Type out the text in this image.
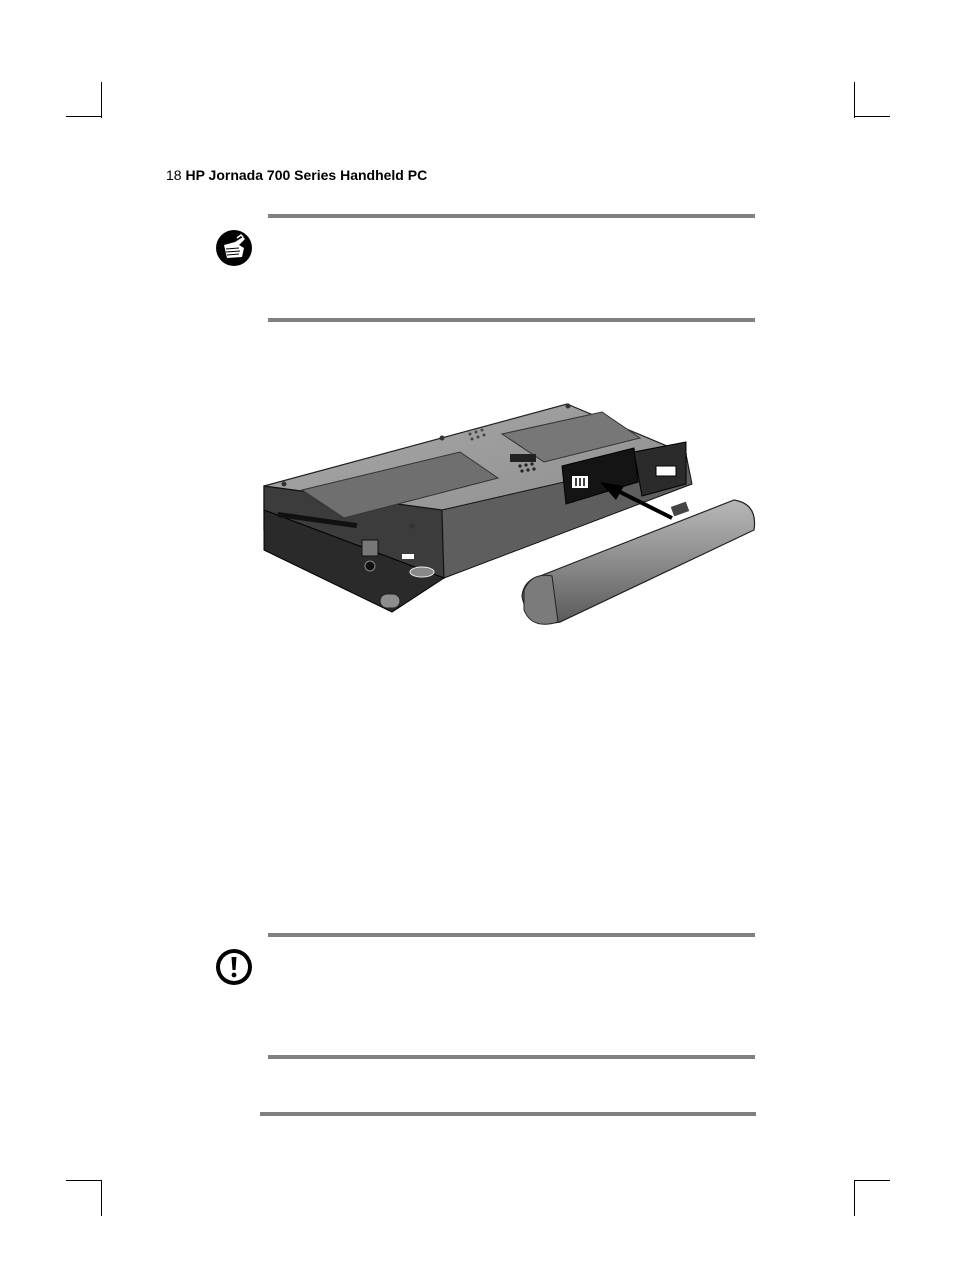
18 HP Jornada 700 Series Handheld PC
